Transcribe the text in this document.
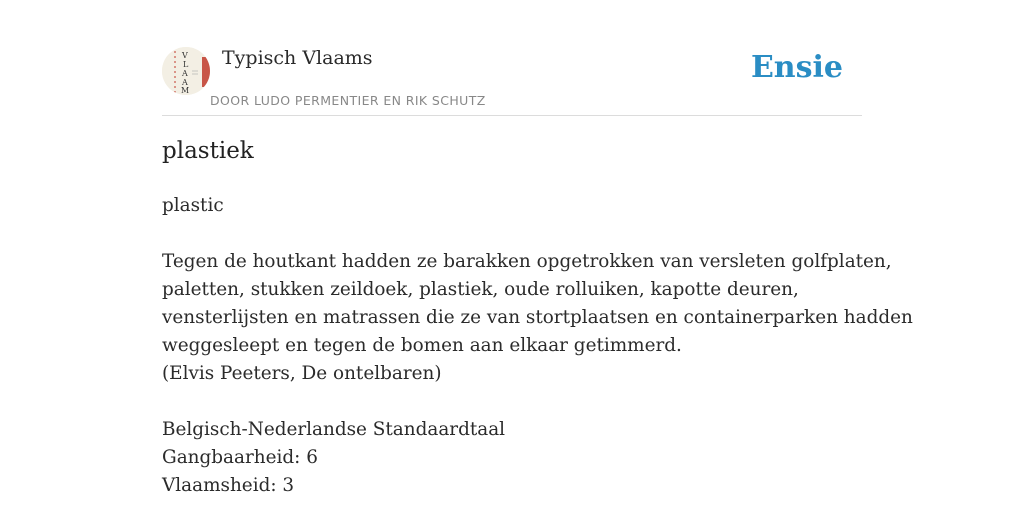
V
L
A
A
M
Typisch Vlaams
DOOR LUDO PERMENTIER EN RIK SCHUTZ
Ensie
plastiek

plastic

Tegen de houtkant hadden ze barakken opgetrokken van versleten golfplaten,
paletten, stukken zeildoek, plastiek, oude rolluiken, kapotte deuren,
vensterlijsten en matrassen die ze van stortplaatsen en containerparken hadden
weggesleept en tegen de bomen aan elkaar getimmerd.
(Elvis Peeters, De ontelbaren)

Belgisch-Nederlandse Standaardtaal
Gangbaarheid: 6
Vlaamsheid: 3
